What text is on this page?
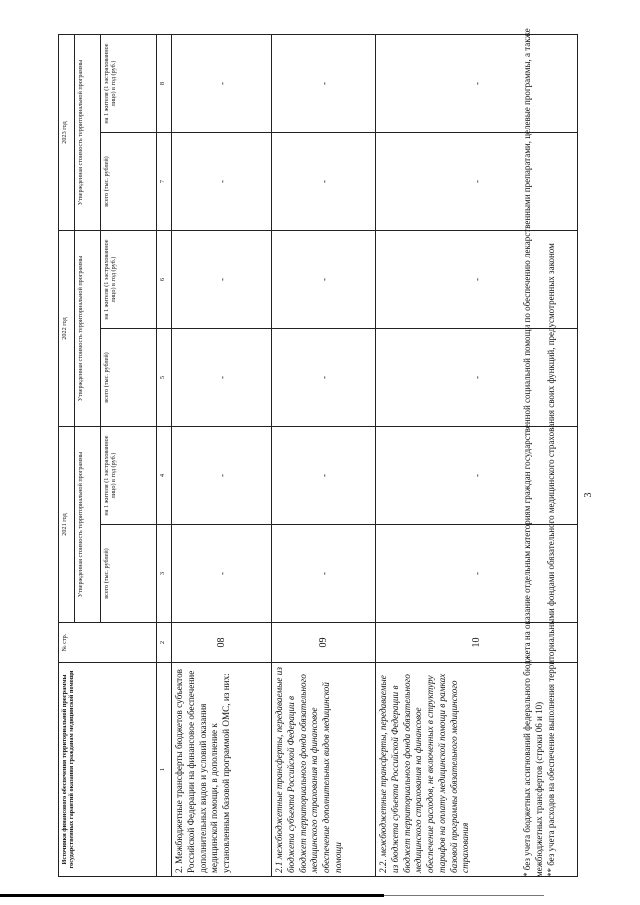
3
Источники финансового обеспечения территориальной программы государственных гарантий оказания гражданам медицинской помощи	№ стр.	2021 год		2022 год		2023 год	
		Утвержденная стоимость территориальной программы		Утвержденная стоимость территориальной программы		Утвержденная стоимость территориальной программы	
		всего (тыс. рублей)	на 1 жителя (1 застрахованное лицо) в год (руб.)	всего (тыс. рублей)	на 1 жителя (1 застрахованное лицо) в год (руб.)	всего (тыс. рублей)	на 1 жителя (1 застрахованное лицо) в год (руб.)
1	2	3	4	5	6	7	8
2. Межбюджетные трансферты бюджетов субъектов Российской Федерации на финансовое обеспечение дополнительных видов и условий оказания медицинской помощи, в дополнение к установленным базовой программой ОМС, из них:	08	-	-	-	-	-	-
2.1 межбюджетные трансферты, передаваемые из бюджета субъекта Российской Федерации в бюджет территориального фонда обязательного медицинского страхования на финансовое обеспечение дополнительных видов медицинской помощи	09	-	-	-	-	-	-
2.2. межбюджетные трансферты, передаваемые из бюджета субъекта Российской Федерации в бюджет территориального фонда обязательного медицинского страхования на финансовое обеспечение расходов, не включенных в структуру тарифов на оплату медицинской помощи в рамках базовой программы обязательного медицинского страхования	10	-	-	-	-	-	-	* без учета бюджетных ассигнований федерального бюджета на оказание отдельным категориям граждан государственной социальной помощи по обеспечению лекарственными препаратами, целевые программы, а также межбюджетных трансфертов (строки 06 и 10) ** без учета расходов на обеспечение выполнения территориальными фондами обязательного медицинского страхования своих функций, предусмотренных законом
